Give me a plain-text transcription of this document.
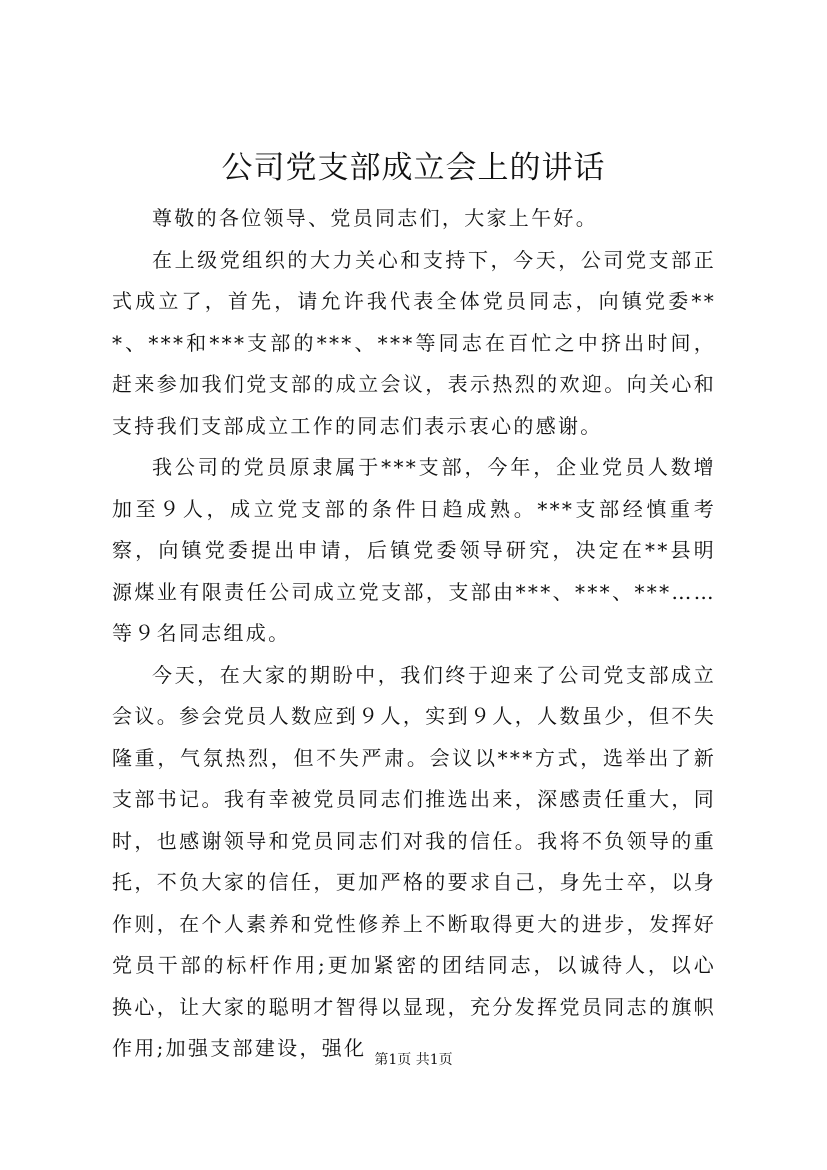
公司党支部成立会上的讲话

尊敬的各位领导、党员同志们，大家上午好。

在上级党组织的大力关心和支持下，今天，公司党支部正式成立了，首先，请允许我代表全体党员同志，向镇党委***、***和***支部的***、***等同志在百忙之中挤出时间，赶来参加我们党支部的成立会议，表示热烈的欢迎。向关心和支持我们支部成立工作的同志们表示衷心的感谢。

我公司的党员原隶属于***支部，今年，企业党员人数增加至９人，成立党支部的条件日趋成熟。***支部经慎重考察，向镇党委提出申请，后镇党委领导研究，决定在**县明源煤业有限责任公司成立党支部，支部由***、***、***……等９名同志组成。

今天，在大家的期盼中，我们终于迎来了公司党支部成立会议。参会党员人数应到９人，实到９人，人数虽少，但不失隆重，气氛热烈，但不失严肃。会议以***方式，选举出了新支部书记。我有幸被党员同志们推选出来，深感责任重大，同时，也感谢领导和党员同志们对我的信任。我将不负领导的重托，不负大家的信任，更加严格的要求自己，身先士卒，以身作则，在个人素养和党性修养上不断取得更大的进步，发挥好党员干部的标杆作用;更加紧密的团结同志，以诚待人，以心换心，让大家的聪明才智得以显现，充分发挥党员同志的旗帜作用;加强支部建设，强化 第1页 共1页
